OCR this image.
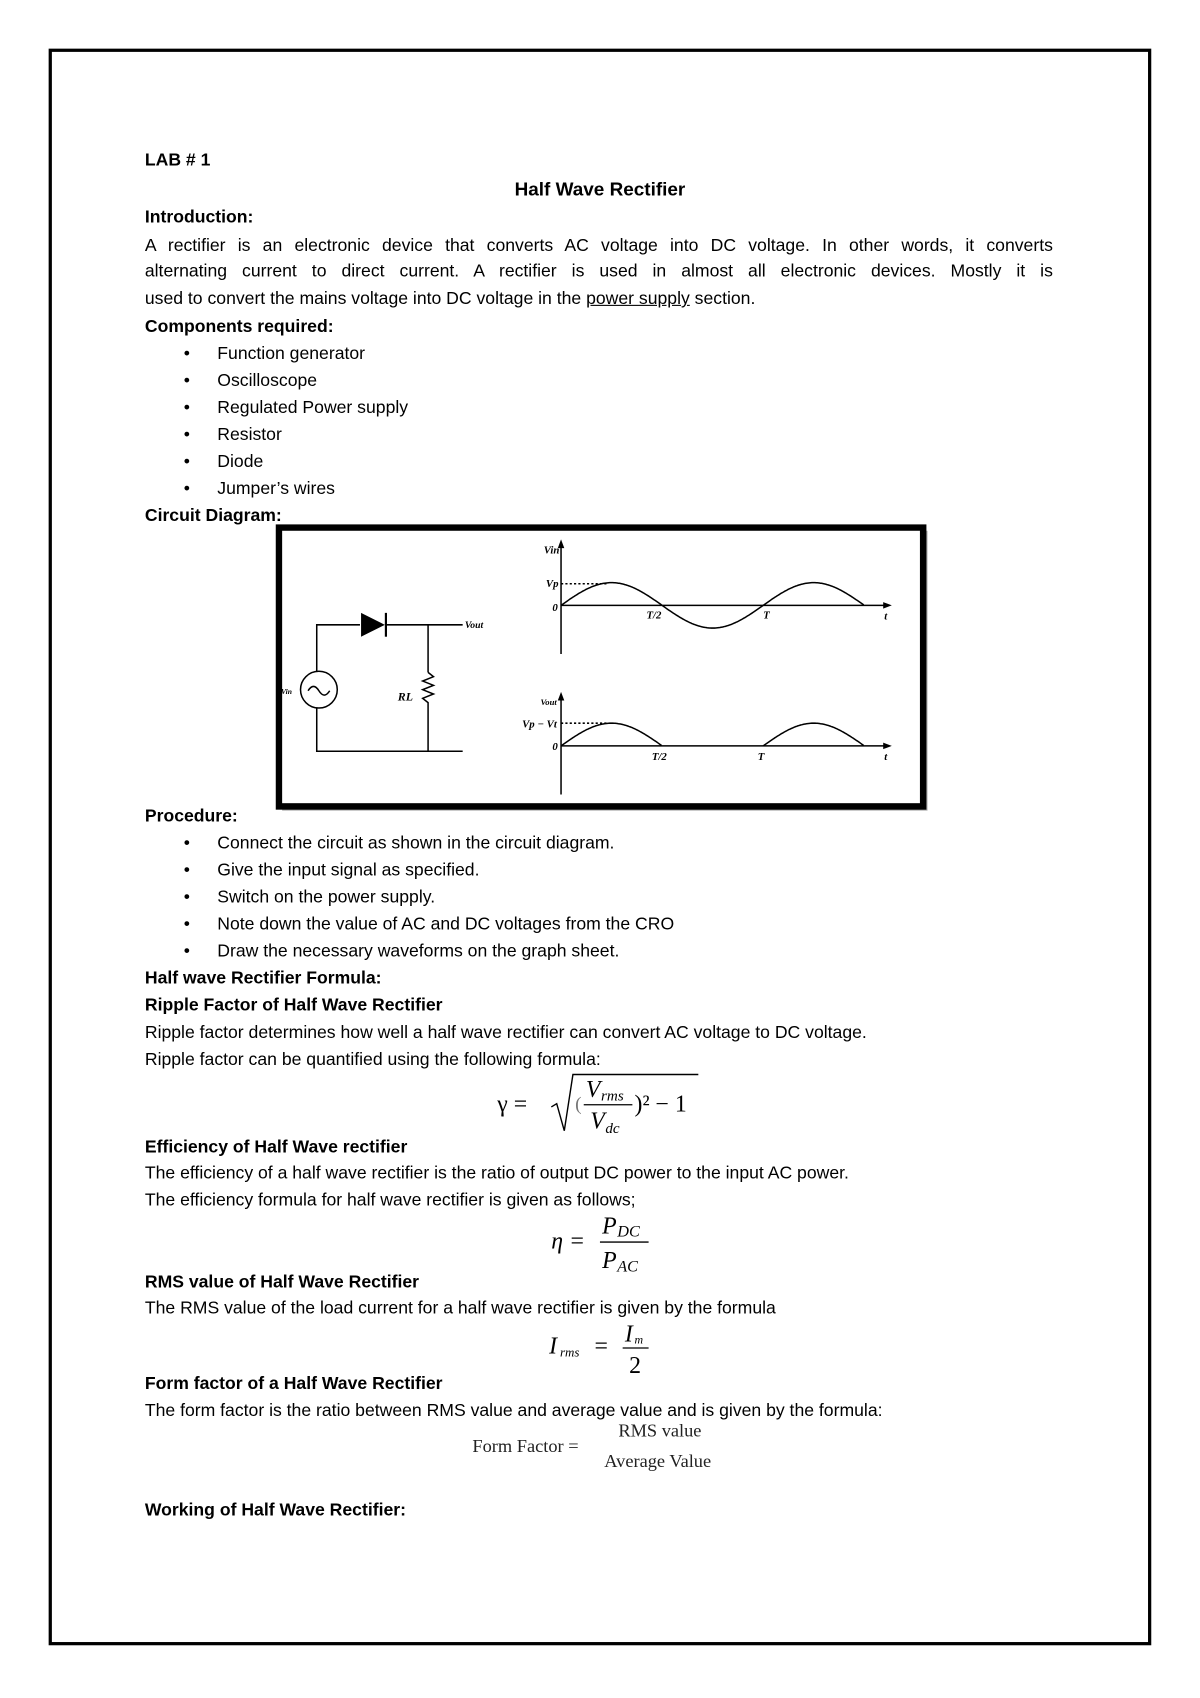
LAB # 1
Half Wave Rectifier
Introduction:
A rectifier is an electronic device that converts AC voltage into DC voltage. In other words, it converts
alternating current to direct current. A rectifier is used in almost all electronic devices. Mostly it is
used to convert the mains voltage into DC voltage in the power supply section.
Components required:
• Function generator
• Oscilloscope
• Regulated Power supply
• Resistor
• Diode
• Jumper’s wires
Circuit Diagram:
Vout
Vin	RL
Vin
Vp
0
T/2	T	t
Vout
Vp − Vt
0
T/2	T	t
Procedure:
• Connect the circuit as shown in the circuit diagram.
• Give the input signal as specified.
• Switch on the power supply.
• Note down the value of AC and DC voltages from the CRO
• Draw the necessary waveforms on the graph sheet.
Half wave Rectifier Formula:
Ripple Factor of Half Wave Rectifier
Ripple factor determines how well a half wave rectifier can convert AC voltage to DC voltage.
Ripple factor can be quantified using the following formula:
γ =	(
V rms
V dc
)² − 1
Efficiency of Half Wave rectifier
The efficiency of a half wave rectifier is the ratio of output DC power to the input AC power.
The efficiency formula for half wave rectifier is given as follows;
η =
P DC
P AC
RMS value of Half Wave Rectifier
The RMS value of the load current for a half wave rectifier is given by the formula
I rms = I m
2
Form factor of a Half Wave Rectifier
The form factor is the ratio between RMS value and average value and is given by the formula:
Form Factor =
RMS value
Average Value
Working of Half Wave Rectifier:
